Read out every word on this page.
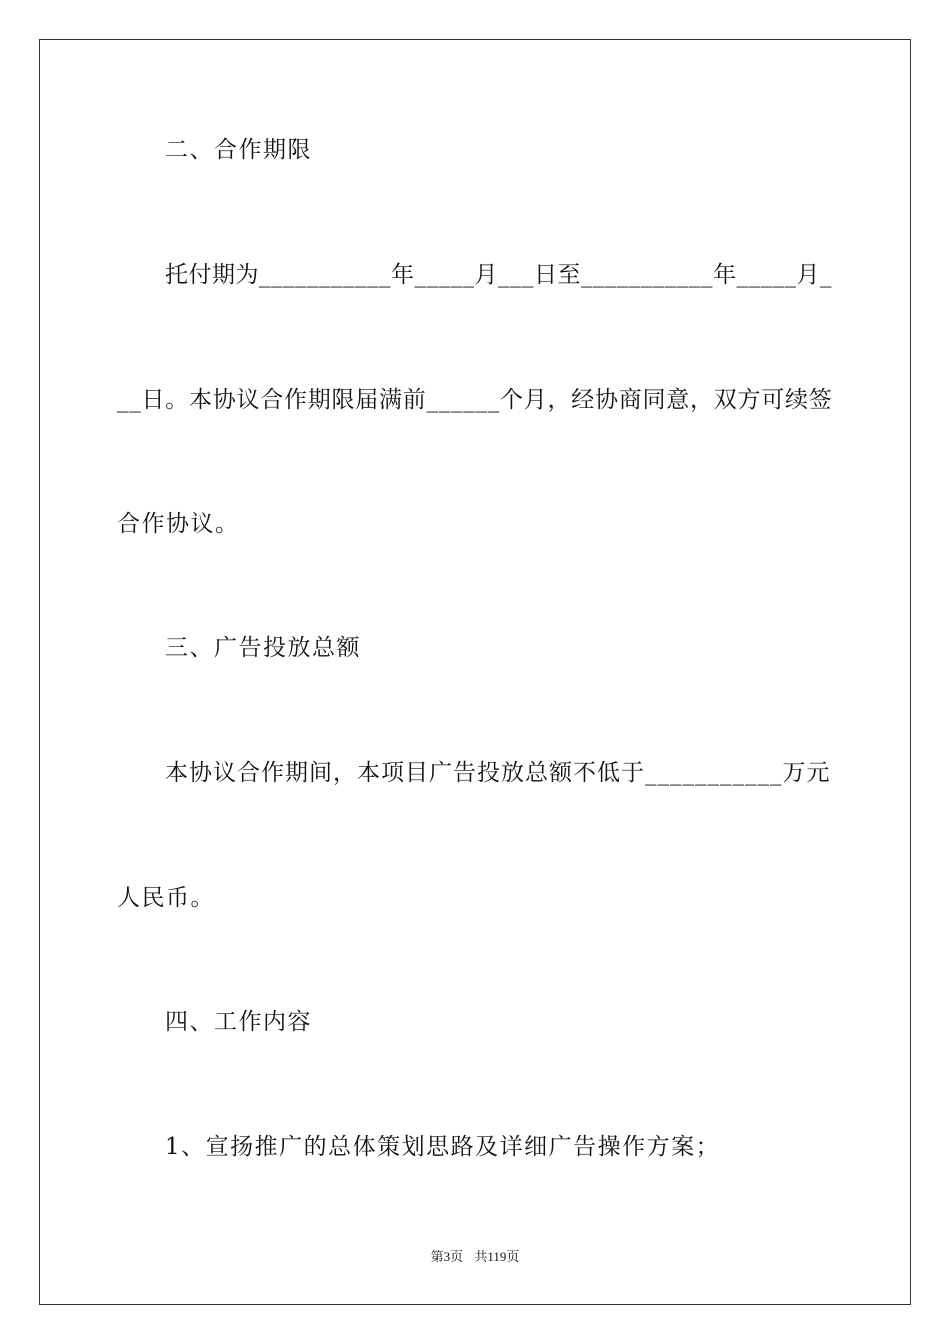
二、合作期限
托付期为___________年_____月___日至___________年_____月_
__日。本协议合作期限届满前______个月，经协商同意，双方可续签
合作协议。
三、广告投放总额
本协议合作期间，本项目广告投放总额不低于___________万元
人民币。
四、工作内容
1、宣扬推广的总体策划思路及详细广告操作方案；
第3页 共119页
